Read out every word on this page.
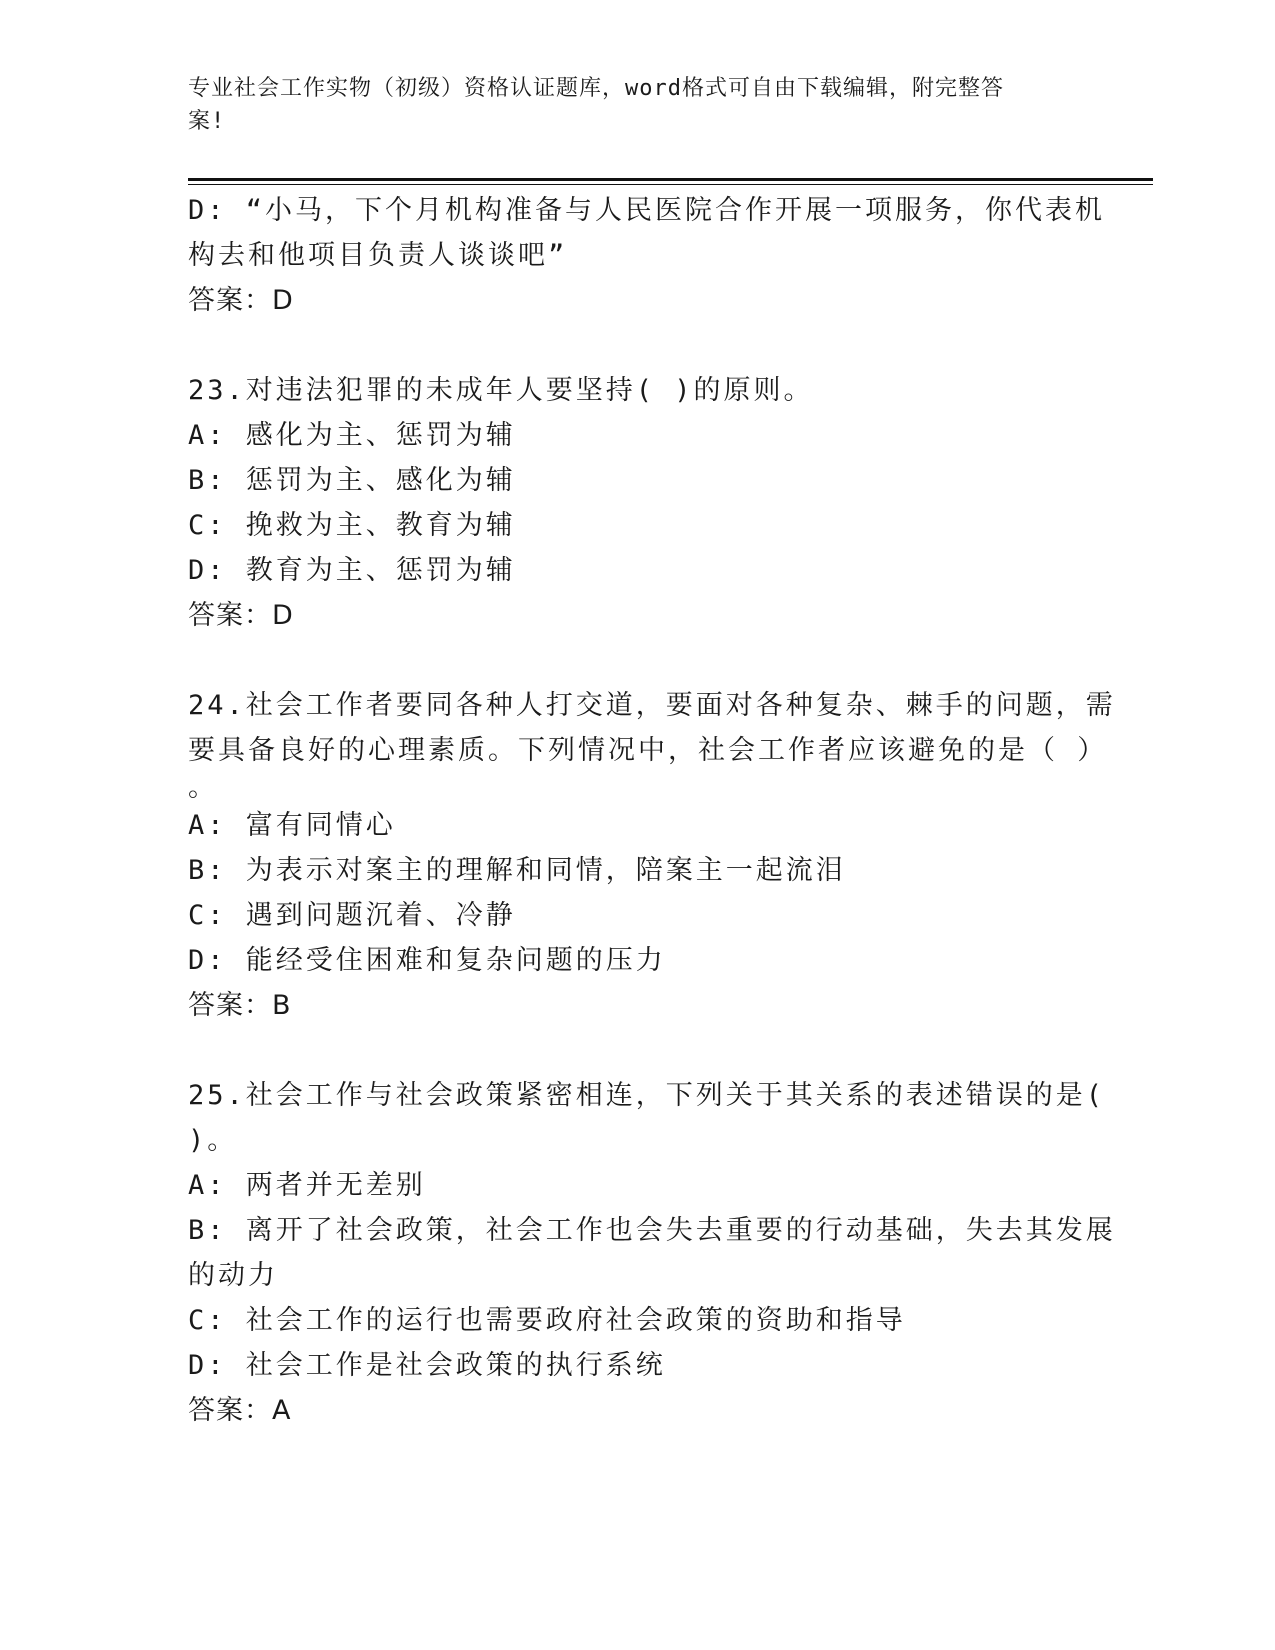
专业社会工作实物（初级）资格认证题库，word格式可自由下载编辑，附完整答
案!
D: “小马，下个月机构准备与人民医院合作开展一项服务，你代表机
构去和他项目负责人谈谈吧”
答案：D
23.对违法犯罪的未成年人要坚持( )的原则。
A: 感化为主、惩罚为辅
B: 惩罚为主、感化为辅
C: 挽救为主、教育为辅
D: 教育为主、惩罚为辅
答案：D
24.社会工作者要同各种人打交道，要面对各种复杂、棘手的问题，需
要具备良好的心理素质。下列情况中，社会工作者应该避免的是（ ）
。
A: 富有同情心
B: 为表示对案主的理解和同情，陪案主一起流泪
C: 遇到问题沉着、冷静
D: 能经受住困难和复杂问题的压力
答案：B
25.社会工作与社会政策紧密相连，下列关于其关系的表述错误的是(
)。
A: 两者并无差别
B: 离开了社会政策，社会工作也会失去重要的行动基础，失去其发展
的动力
C: 社会工作的运行也需要政府社会政策的资助和指导
D: 社会工作是社会政策的执行系统
答案：A
